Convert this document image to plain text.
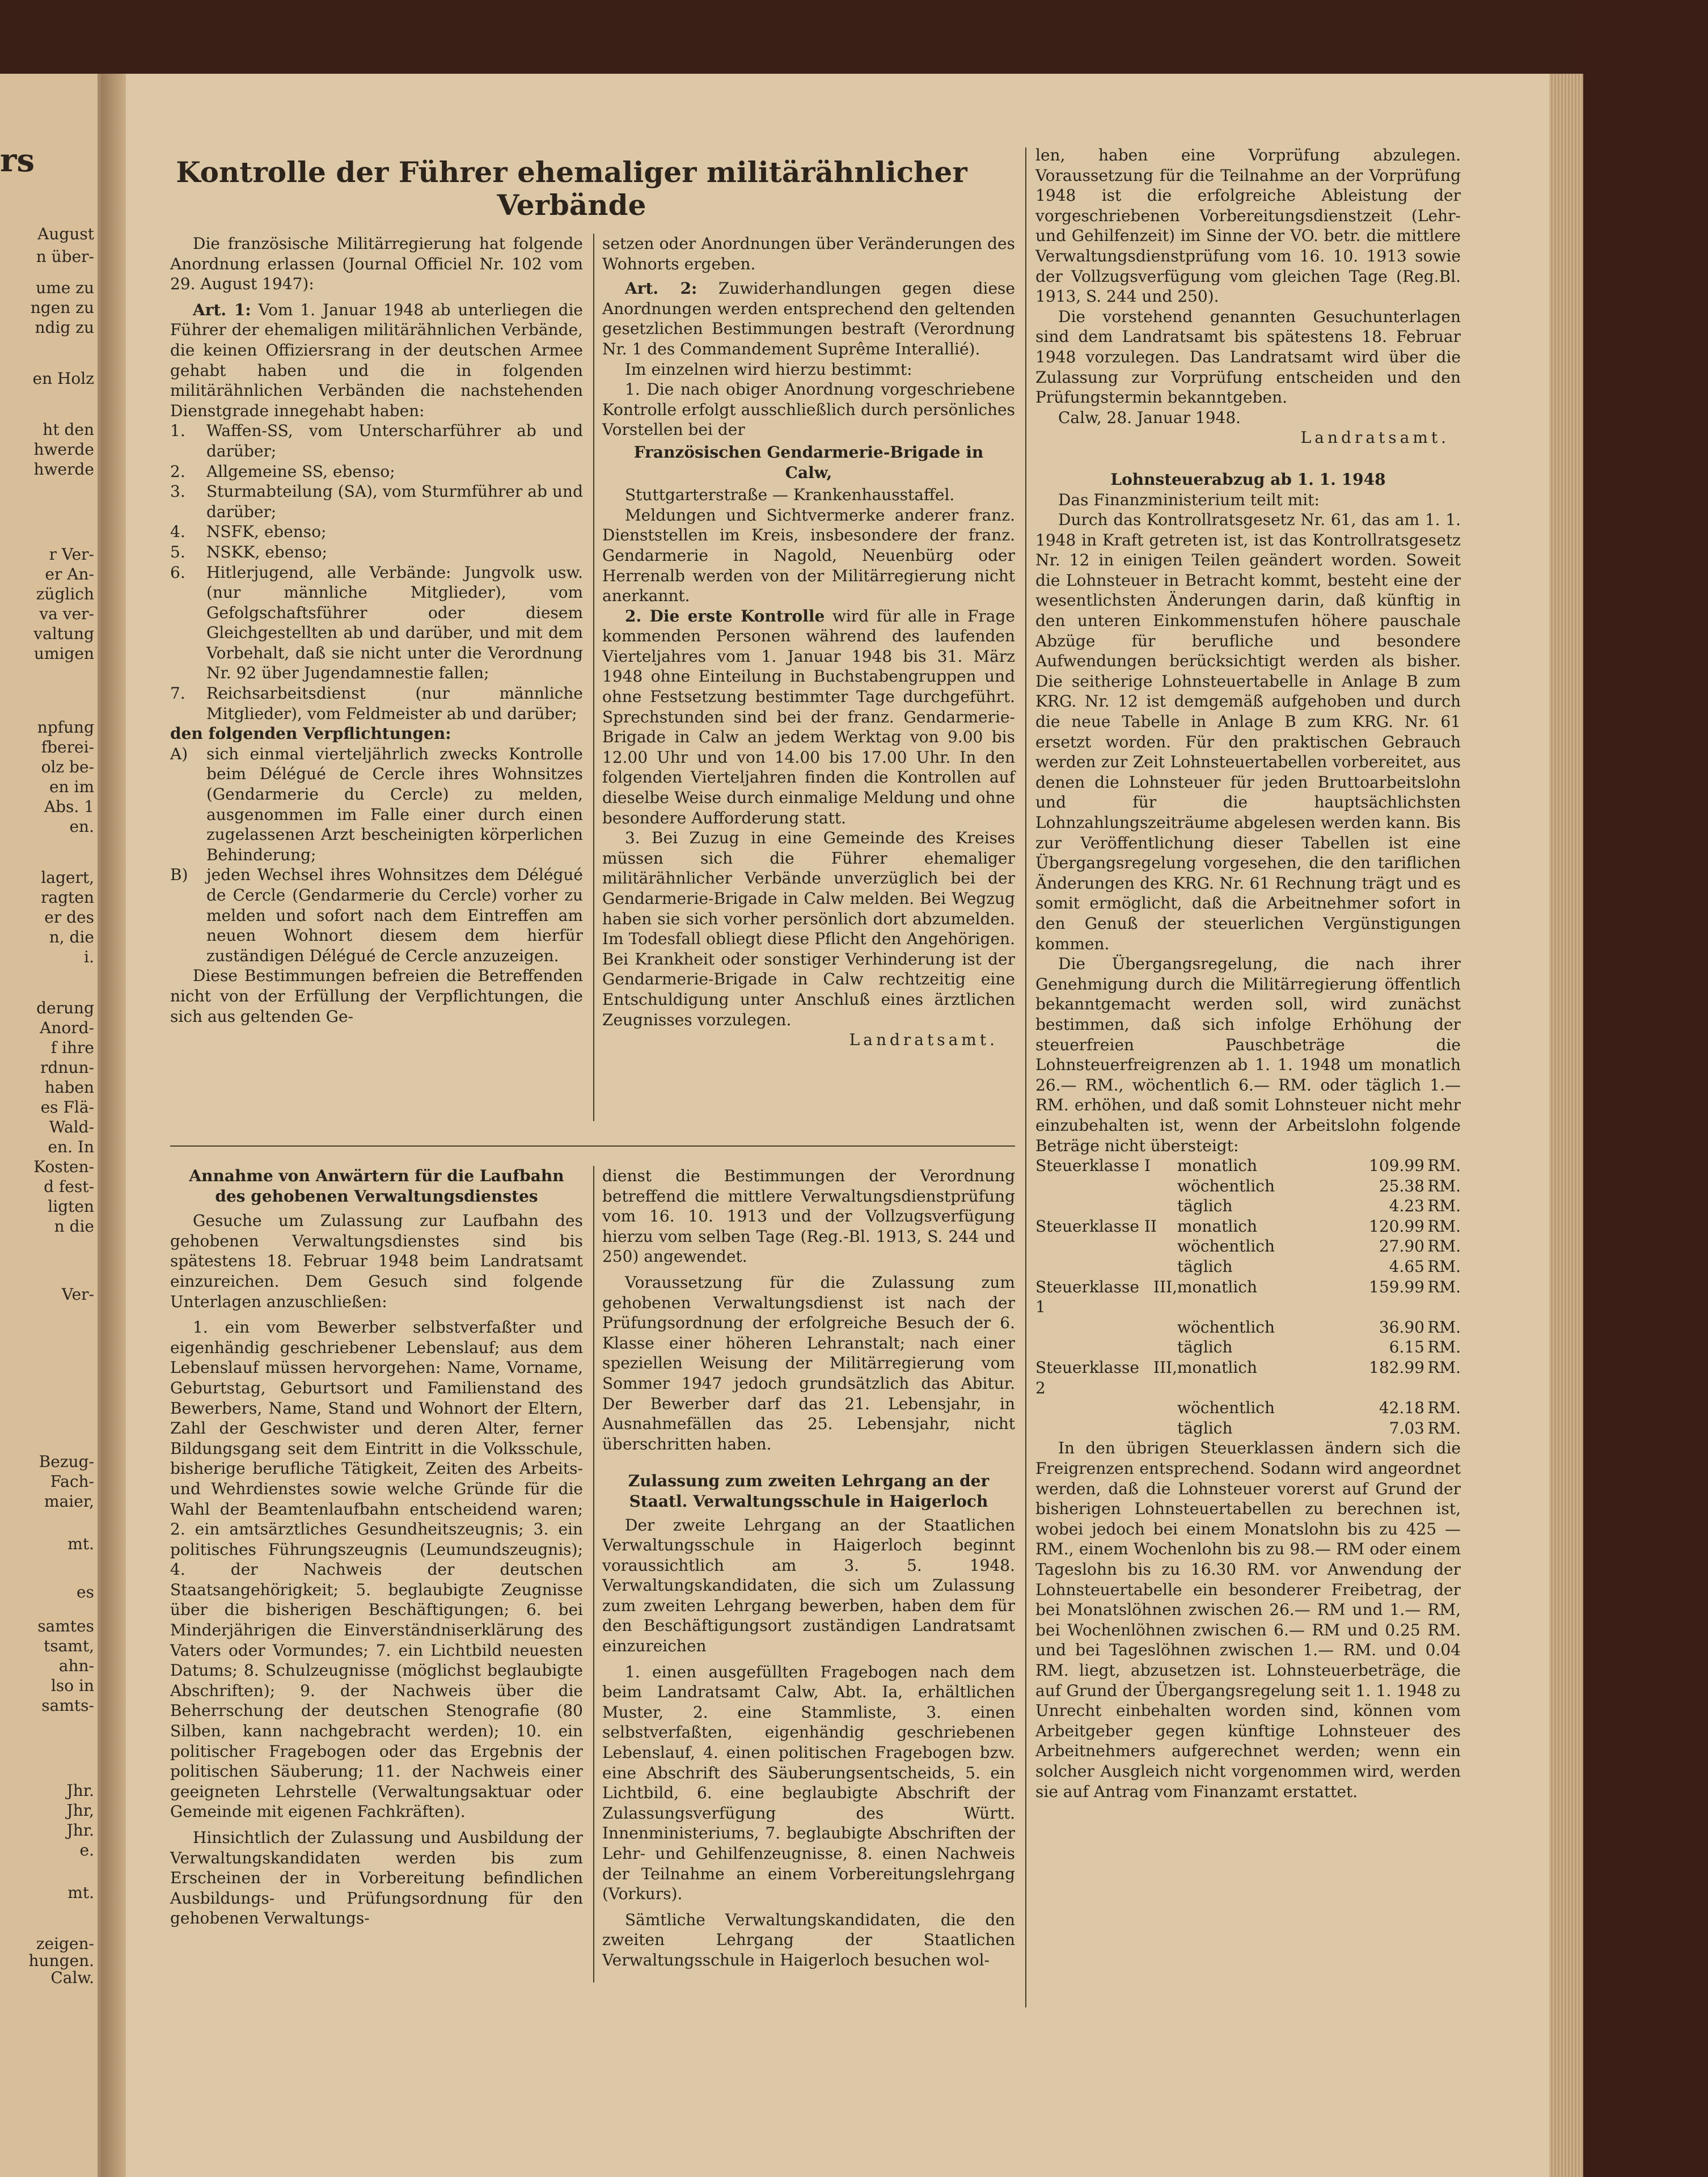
rs
August
n über-
ume zu
ngen zu
ndig zu
en Holz
ht den
hwerde
hwerde
r Ver-
er An-
züglich
va ver-
valtung
umigen
npfung
fberei-
olz be-
en im
Abs. 1
en.
lagert,
ragten
er des
n, die
i.
derung
Anord-
f ihre
rdnun-
haben
es Flä-
Wald-
en. In
Kosten-
d fest-
ligten
n die
Ver-
Bezug-
Fach-
maier,
mt.
es
samtes
tsamt,
ahn-
lso in
samts-
Jhr.
Jhr,
Jhr.
e.
mt.
zeigen-
hungen.
Calw.
Kontrolle der Führer ehemaliger militärähnlicher Verbände

Die französische Militärregierung hat folgende Anordnung erlassen (Journal Officiel Nr. 102 vom 29. August 1947):

Art. 1: Vom 1. Januar 1948 ab unterliegen die Führer der ehemaligen militärähnlichen Verbände, die keinen Offiziersrang in der deutschen Armee gehabt haben und die in folgenden militärähnlichen Verbänden die nachstehenden Dienstgrade innegehabt haben:

1.	Waffen-SS, vom Unterscharführer ab und darüber;
2.	Allgemeine SS, ebenso;
3.	Sturmabteilung (SA), vom Sturmführer ab und darüber;
4.	NSFK, ebenso;
5.	NSKK, ebenso;
6.	Hitlerjugend, alle Verbände: Jungvolk usw. (nur männliche Mitglieder), vom Gefolgschaftsführer oder diesem Gleichgestellten ab und darüber, und mit dem Vorbehalt, daß sie nicht unter die Verordnung Nr. 92 über Jugendamnestie fallen;
7.	Reichsarbeitsdienst (nur männliche Mitglieder), vom Feldmeister ab und darüber;

den folgenden Verpflichtungen:

A)	sich einmal vierteljährlich zwecks Kontrolle beim Délégué de Cercle ihres Wohnsitzes (Gendarmerie du Cercle) zu melden, ausgenommen im Falle einer durch einen zugelassenen Arzt bescheinigten körperlichen Behinderung;
B)	jeden Wechsel ihres Wohnsitzes dem Délégué de Cercle (Gendarmerie du Cercle) vorher zu melden und sofort nach dem Eintreffen am neuen Wohnort diesem dem hierfür zuständigen Délégué de Cercle anzuzeigen.

Diese Bestimmungen befreien die Betreffenden nicht von der Erfüllung der Verpflichtungen, die sich aus geltenden Ge-

setzen oder Anordnungen über Veränderungen des Wohnorts ergeben.

Art. 2: Zuwiderhandlungen gegen diese Anordnungen werden entsprechend den geltenden gesetzlichen Bestimmungen bestraft (Verordnung Nr. 1 des Commandement Suprême Interallié).

Im einzelnen wird hierzu bestimmt:

1. Die nach obiger Anordnung vorgeschriebene Kontrolle erfolgt ausschließlich durch persönliches Vorstellen bei der

Französischen Gendarmerie-Brigade in Calw,

Stuttgarterstraße — Krankenhausstaffel.

Meldungen und Sichtvermerke anderer franz. Dienststellen im Kreis, insbesondere der franz. Gendarmerie in Nagold, Neuenbürg oder Herrenalb werden von der Militärregierung nicht anerkannt.

2. Die erste Kontrolle wird für alle in Frage kommenden Personen während des laufenden Vierteljahres vom 1. Januar 1948 bis 31. März 1948 ohne Einteilung in Buchstabengruppen und ohne Festsetzung bestimmter Tage durchgeführt. Sprechstunden sind bei der franz. Gendarmerie-Brigade in Calw an jedem Werktag von 9.00 bis 12.00 Uhr und von 14.00 bis 17.00 Uhr. In den folgenden Vierteljahren finden die Kontrollen auf dieselbe Weise durch einmalige Meldung und ohne besondere Aufforderung statt.

3. Bei Zuzug in eine Gemeinde des Kreises müssen sich die Führer ehemaliger militärähnlicher Verbände unverzüglich bei der Gendarmerie-Brigade in Calw melden. Bei Wegzug haben sie sich vorher persönlich dort abzumelden. Im Todesfall obliegt diese Pflicht den Angehörigen. Bei Krankheit oder sonstiger Verhinderung ist der Gendarmerie-Brigade in Calw rechtzeitig eine Entschuldigung unter Anschluß eines ärztlichen Zeugnisses vorzulegen.

Landratsamt.

len, haben eine Vorprüfung abzulegen. Voraussetzung für die Teilnahme an der Vorprüfung 1948 ist die erfolgreiche Ableistung der vorgeschriebenen Vorbereitungsdienstzeit (Lehr- und Gehilfenzeit) im Sinne der VO. betr. die mittlere Verwaltungsdienstprüfung vom 16. 10. 1913 sowie der Vollzugsverfügung vom gleichen Tage (Reg.Bl. 1913, S. 244 und 250).

Die vorstehend genannten Gesuchunterlagen sind dem Landratsamt bis spätestens 18. Februar 1948 vorzulegen. Das Landratsamt wird über die Zulassung zur Vorprüfung entscheiden und den Prüfungstermin bekanntgeben.

Calw, 28. Januar 1948.

Landratsamt.

Lohnsteuerabzug ab 1. 1. 1948

Das Finanzministerium teilt mit:

Durch das Kontrollratsgesetz Nr. 61, das am 1. 1. 1948 in Kraft getreten ist, ist das Kontrollratsgesetz Nr. 12 in einigen Teilen geändert worden. Soweit die Lohnsteuer in Betracht kommt, besteht eine der wesentlichsten Änderungen darin, daß künftig in den unteren Einkommenstufen höhere pauschale Abzüge für berufliche und besondere Aufwendungen berücksichtigt werden als bisher. Die seitherige Lohnsteuertabelle in Anlage B zum KRG. Nr. 12 ist demgemäß aufgehoben und durch die neue Tabelle in Anlage B zum KRG. Nr. 61 ersetzt worden. Für den praktischen Gebrauch werden zur Zeit Lohnsteuertabellen vorbereitet, aus denen die Lohnsteuer für jeden Bruttoarbeitslohn und für die hauptsächlichsten Lohnzahlungszeiträume abgelesen werden kann. Bis zur Veröffentlichung dieser Tabellen ist eine Übergangsregelung vorgesehen, die den tariflichen Änderungen des KRG. Nr. 61 Rechnung trägt und es somit ermöglicht, daß die Arbeitnehmer sofort in den Genuß der steuerlichen Vergünstigungen kommen.

Die Übergangsregelung, die nach ihrer Genehmigung durch die Militärregierung öffentlich bekanntgemacht werden soll, wird zunächst bestimmen, daß sich infolge Erhöhung der steuerfreien Pauschbeträge die Lohnsteuerfreigrenzen ab 1. 1. 1948 um monatlich 26.— RM., wöchentlich 6.— RM. oder täglich 1.— RM. erhöhen, und daß somit Lohnsteuer nicht mehr einzubehalten ist, wenn der Arbeitslohn folgende Beträge nicht übersteigt:

Steuerklasse I	monatlich	109.99	RM.
	wöchentlich	25.38	RM.
	täglich	4.23	RM.
Steuerklasse II	monatlich	120.99	RM.
	wöchentlich	27.90	RM.
	täglich	4.65	RM.
Steuerklasse III, 1	monatlich	159.99	RM.
	wöchentlich	36.90	RM.
	täglich	6.15	RM.
Steuerklasse III, 2	monatlich	182.99	RM.
	wöchentlich	42.18	RM.
	täglich	7.03	RM.

In den übrigen Steuerklassen ändern sich die Freigrenzen entsprechend. Sodann wird angeordnet werden, daß die Lohnsteuer vorerst auf Grund der bisherigen Lohnsteuertabellen zu berechnen ist, wobei jedoch bei einem Monatslohn bis zu 425 — RM., einem Wochenlohn bis zu 98.— RM oder einem Tageslohn bis zu 16.30 RM. vor Anwendung der Lohnsteuertabelle ein besonderer Freibetrag, der bei Monatslöhnen zwischen 26.— RM und 1.— RM, bei Wochenlöhnen zwischen 6.— RM und 0.25 RM. und bei Tageslöhnen zwischen 1.— RM. und 0.04 RM. liegt, abzusetzen ist. Lohnsteuerbeträge, die auf Grund der Übergangsregelung seit 1. 1. 1948 zu Unrecht einbehalten worden sind, können vom Arbeitgeber gegen künftige Lohnsteuer des Arbeitnehmers aufgerechnet werden; wenn ein solcher Ausgleich nicht vorgenommen wird, werden sie auf Antrag vom Finanzamt erstattet.

Annahme von Anwärtern für die Laufbahn des gehobenen Verwaltungsdienstes

Gesuche um Zulassung zur Laufbahn des gehobenen Verwaltungsdienstes sind bis spätestens 18. Februar 1948 beim Landratsamt einzureichen. Dem Gesuch sind folgende Unterlagen anzuschließen:

1. ein vom Bewerber selbstverfaßter und eigenhändig geschriebener Lebenslauf; aus dem Lebenslauf müssen hervorgehen: Name, Vorname, Geburtstag, Geburtsort und Familienstand des Bewerbers, Name, Stand und Wohnort der Eltern, Zahl der Geschwister und deren Alter, ferner Bildungsgang seit dem Eintritt in die Volksschule, bisherige berufliche Tätigkeit, Zeiten des Arbeits- und Wehrdienstes sowie welche Gründe für die Wahl der Beamtenlaufbahn entscheidend waren; 2. ein amtsärztliches Gesundheitszeugnis; 3. ein politisches Führungszeugnis (Leumundszeugnis); 4. der Nachweis der deutschen Staatsangehörigkeit; 5. beglaubigte Zeugnisse über die bisherigen Beschäftigungen; 6. bei Minderjährigen die Einverständniserklärung des Vaters oder Vormundes; 7. ein Lichtbild neuesten Datums; 8. Schulzeugnisse (möglichst beglaubigte Abschriften); 9. der Nachweis über die Beherrschung der deutschen Stenografie (80 Silben, kann nachgebracht werden); 10. ein politischer Fragebogen oder das Ergebnis der politischen Säuberung; 11. der Nachweis einer geeigneten Lehrstelle (Verwaltungsaktuar oder Gemeinde mit eigenen Fachkräften).

Hinsichtlich der Zulassung und Ausbildung der Verwaltungskandidaten werden bis zum Erscheinen der in Vorbereitung befindlichen Ausbildungs- und Prüfungsordnung für den gehobenen Verwaltungs-

dienst die Bestimmungen der Verordnung betreffend die mittlere Verwaltungsdienstprüfung vom 16. 10. 1913 und der Vollzugsverfügung hierzu vom selben Tage (Reg.-Bl. 1913, S. 244 und 250) angewendet.

Voraussetzung für die Zulassung zum gehobenen Verwaltungsdienst ist nach der Prüfungsordnung der erfolgreiche Besuch der 6. Klasse einer höheren Lehranstalt; nach einer speziellen Weisung der Militärregierung vom Sommer 1947 jedoch grundsätzlich das Abitur. Der Bewerber darf das 21. Lebensjahr, in Ausnahmefällen das 25. Lebensjahr, nicht überschritten haben.

Zulassung zum zweiten Lehrgang an der Staatl. Verwaltungsschule in Haigerloch

Der zweite Lehrgang an der Staatlichen Verwaltungsschule in Haigerloch beginnt voraussichtlich am 3. 5. 1948. Verwaltungskandidaten, die sich um Zulassung zum zweiten Lehrgang bewerben, haben dem für den Beschäftigungsort zuständigen Landratsamt einzureichen

1. einen ausgefüllten Fragebogen nach dem beim Landratsamt Calw, Abt. Ia, erhältlichen Muster, 2. eine Stammliste, 3. einen selbstverfaßten, eigenhändig geschriebenen Lebenslauf, 4. einen politischen Fragebogen bzw. eine Abschrift des Säuberungsentscheids, 5. ein Lichtbild, 6. eine beglaubigte Abschrift der Zulassungsverfügung des Württ. Innenministeriums, 7. beglaubigte Abschriften der Lehr- und Gehilfenzeugnisse, 8. einen Nachweis der Teilnahme an einem Vorbereitungslehrgang (Vorkurs).

Sämtliche Verwaltungskandidaten, die den zweiten Lehrgang der Staatlichen Verwaltungsschule in Haigerloch besuchen wol-
